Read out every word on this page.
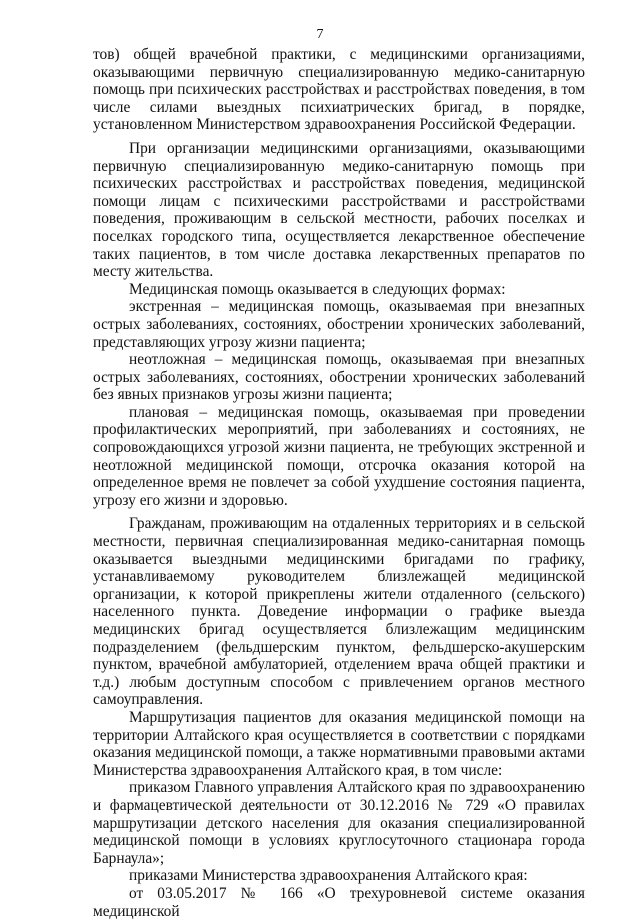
7

тов) общей врачебной практики, с медицинскими организациями, оказывающими первичную специализированную медико-санитарную помощь при психических расстройствах и расстройствах поведения, в том числе силами выездных психиатрических бригад, в порядке, установленном Министерством здравоохранения Российской Федерации.

При организации медицинскими организациями, оказывающими первичную специализированную медико-санитарную помощь при психических расстройствах и расстройствах поведения, медицинской помощи лицам с психическими расстройствами и расстройствами поведения, проживающим в сельской местности, рабочих поселках и поселках городского типа, осуществляется лекарственное обеспечение таких пациентов, в том числе доставка лекарственных препаратов по месту жительства.

Медицинская помощь оказывается в следующих формах:

экстренная – медицинская помощь, оказываемая при внезапных острых заболеваниях, состояниях, обострении хронических заболеваний, представляющих угрозу жизни пациента;

неотложная – медицинская помощь, оказываемая при внезапных острых заболеваниях, состояниях, обострении хронических заболеваний без явных признаков угрозы жизни пациента;

плановая – медицинская помощь, оказываемая при проведении профилактических мероприятий, при заболеваниях и состояниях, не сопровождающихся угрозой жизни пациента, не требующих экстренной и неотложной медицинской помощи, отсрочка оказания которой на определенное время не повлечет за собой ухудшение состояния пациента, угрозу его жизни и здоровью.

Гражданам, проживающим на отдаленных территориях и в сельской местности, первичная специализированная медико-санитарная помощь оказывается выездными медицинскими бригадами по графику, устанавливаемому руководителем близлежащей медицинской организации, к которой прикреплены жители отдаленного (сельского) населенного пункта. Доведение информации о графике выезда медицинских бригад осуществляется близлежащим медицинским подразделением (фельдшерским пунктом, фельдшерско-акушерским пунктом, врачебной амбулаторией, отделением врача общей практики и т.д.) любым доступным способом с привлечением органов местного самоуправления.

Маршрутизация пациентов для оказания медицинской помощи на территории Алтайского края осуществляется в соответствии с порядками оказания медицинской помощи, а также нормативными правовыми актами Министерства здравоохранения Алтайского края, в том числе:

приказом Главного управления Алтайского края по здравоохранению и фармацевтической деятельности от 30.12.2016 № 729 «О правилах маршрутизации детского населения для оказания специализированной медицинской помощи в условиях круглосуточного стационара города Барнаула»;

приказами Министерства здравоохранения Алтайского края:

от 03.05.2017 № 166 «О трехуровневой системе оказания медицинской
